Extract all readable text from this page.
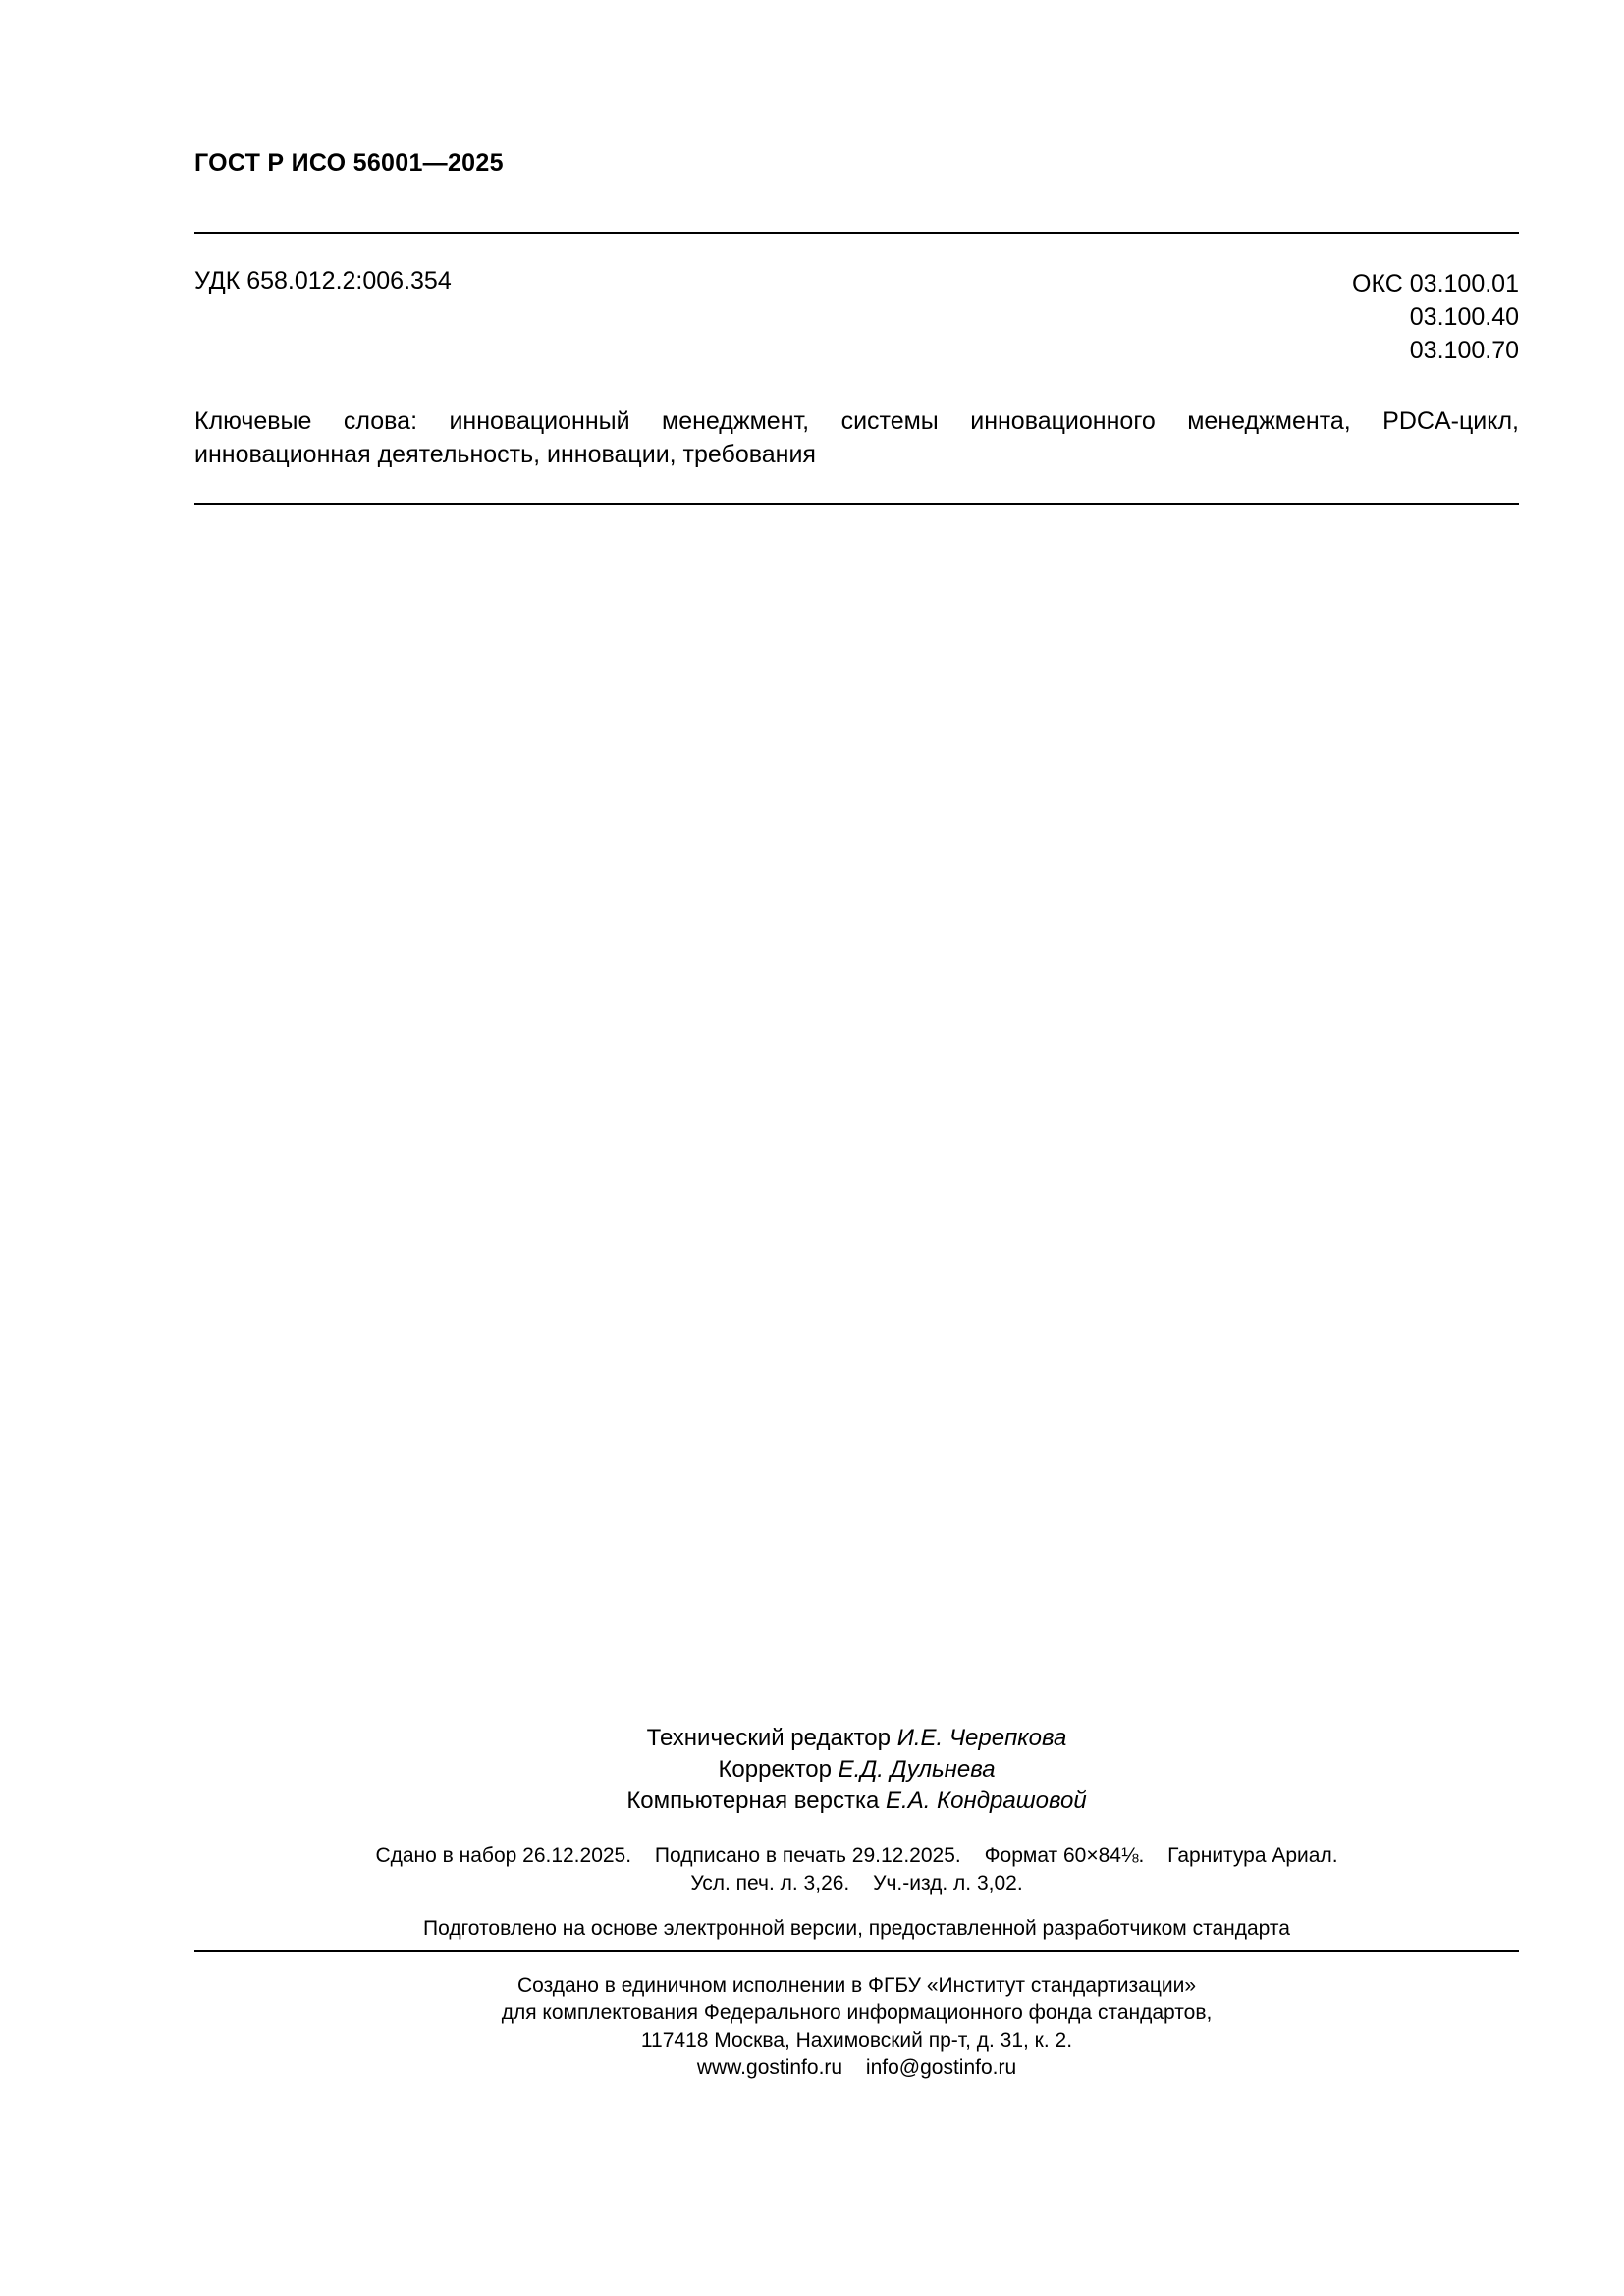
ГОСТ Р ИСО 56001—2025
УДК 658.012.2:006.354	ОКС 03.100.01
03.100.40
03.100.70
Ключевые слова: инновационный менеджмент, системы инновационного менеджмента, PDCA-цикл, инновационная деятельность, инновации, требования
Технический редактор И.Е. Черепкова
Корректор Е.Д. Дульнева
Компьютерная верстка Е.А. Кондрашовой
Сдано в набор 26.12.2025. Подписано в печать 29.12.2025. Формат 60×84⅛. Гарнитура Ариал.
Усл. печ. л. 3,26. Уч.-изд. л. 3,02.
Подготовлено на основе электронной версии, предоставленной разработчиком стандарта
Создано в единичном исполнении в ФГБУ «Институт стандартизации»
для комплектования Федерального информационного фонда стандартов,
117418 Москва, Нахимовский пр-т, д. 31, к. 2.
www.gostinfo.ru info@gostinfo.ru
